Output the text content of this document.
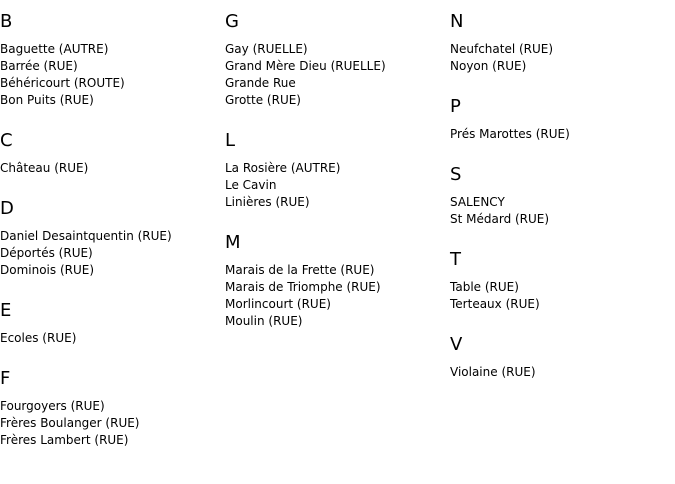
B
Baguette (AUTRE)
Barrée (RUE)
Béhéricourt (ROUTE)
Bon Puits (RUE)
C
Château (RUE)
D
Daniel Desaintquentin (RUE)
Déportés (RUE)
Dominois (RUE)
E
Ecoles (RUE)
F
Fourgoyers (RUE)
Frères Boulanger (RUE)
Frères Lambert (RUE)
G
Gay (RUELLE)
Grand Mère Dieu (RUELLE)
Grande Rue
Grotte (RUE)
L
La Rosière (AUTRE)
Le Cavin
Linières (RUE)
M
Marais de la Frette (RUE)
Marais de Triomphe (RUE)
Morlincourt (RUE)
Moulin (RUE)
N
Neufchatel (RUE)
Noyon (RUE)
P
Prés Marottes (RUE)
S
SALENCY
St Médard (RUE)
T
Table (RUE)
Terteaux (RUE)
V
Violaine (RUE)
